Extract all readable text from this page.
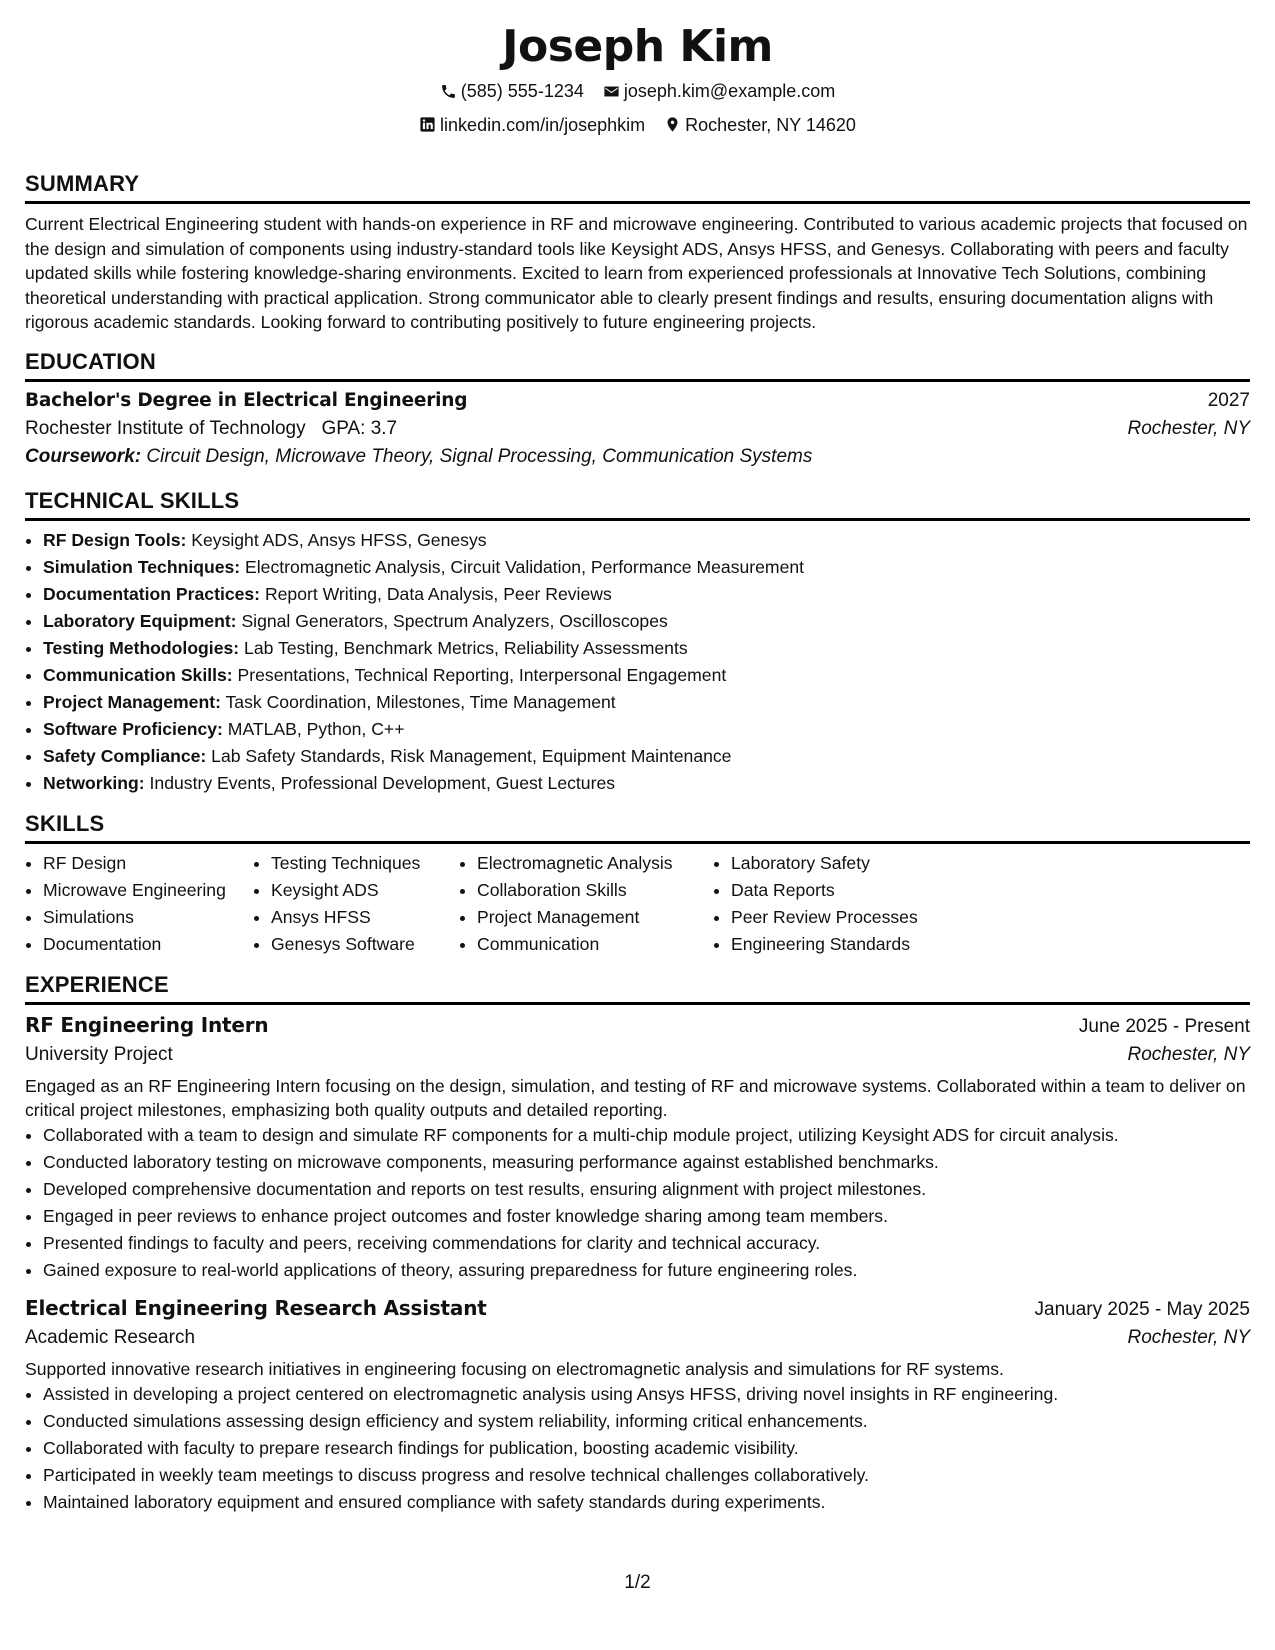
Joseph Kim
(585) 555-1234
joseph.kim@example.com
linkedin.com/in/josephkim
Rochester, NY 14620
SUMMARY
Current Electrical Engineering student with hands-on experience in RF and microwave engineering. Contributed to various academic projects that focused on the design and simulation of components using industry-standard tools like Keysight ADS, Ansys HFSS, and Genesys. Collaborating with peers and faculty updated skills while fostering knowledge-sharing environments. Excited to learn from experienced professionals at Innovative Tech Solutions, combining theoretical understanding with practical application. Strong communicator able to clearly present findings and results, ensuring documentation aligns with rigorous academic standards. Looking forward to contributing positively to future engineering projects.
EDUCATION
Bachelor's Degree in Electrical Engineering	2027
Rochester Institute of Technology GPA: 3.7	Rochester, NY
Coursework: Circuit Design, Microwave Theory, Signal Processing, Communication Systems
TECHNICAL SKILLS
• RF Design Tools: Keysight ADS, Ansys HFSS, Genesys
• Simulation Techniques: Electromagnetic Analysis, Circuit Validation, Performance Measurement
• Documentation Practices: Report Writing, Data Analysis, Peer Reviews
• Laboratory Equipment: Signal Generators, Spectrum Analyzers, Oscilloscopes
• Testing Methodologies: Lab Testing, Benchmark Metrics, Reliability Assessments
• Communication Skills: Presentations, Technical Reporting, Interpersonal Engagement
• Project Management: Task Coordination, Milestones, Time Management
• Software Proficiency: MATLAB, Python, C++
• Safety Compliance: Lab Safety Standards, Risk Management, Equipment Maintenance
• Networking: Industry Events, Professional Development, Guest Lectures
SKILLS
• RF Design
• Microwave Engineering
• Simulations
• Documentation
• Testing Techniques
• Keysight ADS
• Ansys HFSS
• Genesys Software
• Electromagnetic Analysis
• Collaboration Skills
• Project Management
• Communication
• Laboratory Safety
• Data Reports
• Peer Review Processes
• Engineering Standards
EXPERIENCE
RF Engineering Intern	June 2025 - Present
University Project	Rochester, NY
Engaged as an RF Engineering Intern focusing on the design, simulation, and testing of RF and microwave systems. Collaborated within a team to deliver on critical project milestones, emphasizing both quality outputs and detailed reporting.
• Collaborated with a team to design and simulate RF components for a multi-chip module project, utilizing Keysight ADS for circuit analysis.
• Conducted laboratory testing on microwave components, measuring performance against established benchmarks.
• Developed comprehensive documentation and reports on test results, ensuring alignment with project milestones.
• Engaged in peer reviews to enhance project outcomes and foster knowledge sharing among team members.
• Presented findings to faculty and peers, receiving commendations for clarity and technical accuracy.
• Gained exposure to real-world applications of theory, assuring preparedness for future engineering roles.
Electrical Engineering Research Assistant	January 2025 - May 2025
Academic Research	Rochester, NY
Supported innovative research initiatives in engineering focusing on electromagnetic analysis and simulations for RF systems.
• Assisted in developing a project centered on electromagnetic analysis using Ansys HFSS, driving novel insights in RF engineering.
• Conducted simulations assessing design efficiency and system reliability, informing critical enhancements.
• Collaborated with faculty to prepare research findings for publication, boosting academic visibility.
• Participated in weekly team meetings to discuss progress and resolve technical challenges collaboratively.
• Maintained laboratory equipment and ensured compliance with safety standards during experiments.
1/2
